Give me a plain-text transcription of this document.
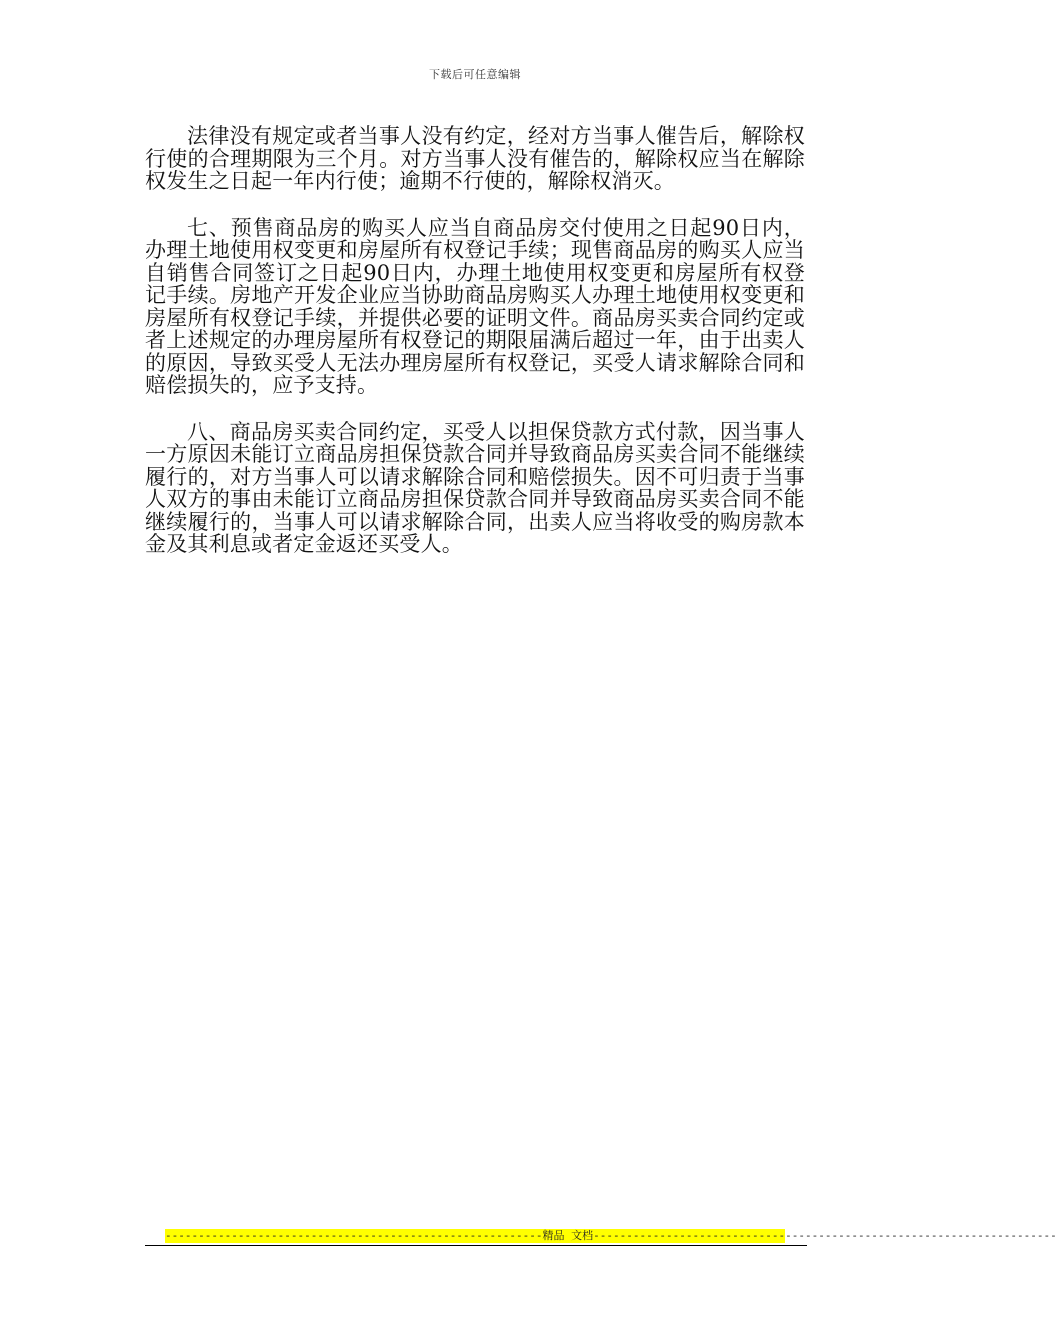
下载后可任意编辑

法律没有规定或者当事人没有约定，经对方当事人催告后，解除权行使的合理期限为三个月。对方当事人没有催告的，解除权应当在解除权发生之日起一年内行使；逾期不行使的，解除权消灭。

七、预售商品房的购买人应当自商品房交付使用之日起90日内，办理土地使用权变更和房屋所有权登记手续；现售商品房的购买人应当自销售合同签订之日起90日内，办理土地使用权变更和房屋所有权登记手续。房地产开发企业应当协助商品房购买人办理土地使用权变更和房屋所有权登记手续，并提供必要的证明文件。商品房买卖合同约定或者上述规定的办理房屋所有权登记的期限届满后超过一年，由于出卖人的原因，导致买受人无法办理房屋所有权登记，买受人请求解除合同和赔偿损失的，应予支持。

八、商品房买卖合同约定，买受人以担保贷款方式付款，因当事人一方原因未能订立商品房担保贷款合同并导致商品房买卖合同不能继续履行的，对方当事人可以请求解除合同和赔偿损失。因不可归责于当事人双方的事由未能订立商品房担保贷款合同并导致商品房买卖合同不能继续履行的，当事人可以请求解除合同，出卖人应当将收受的购房款本金及其利息或者定金返还买受人。

---------------------------------------------------------精品 文档----------------------------------------------------------------------
